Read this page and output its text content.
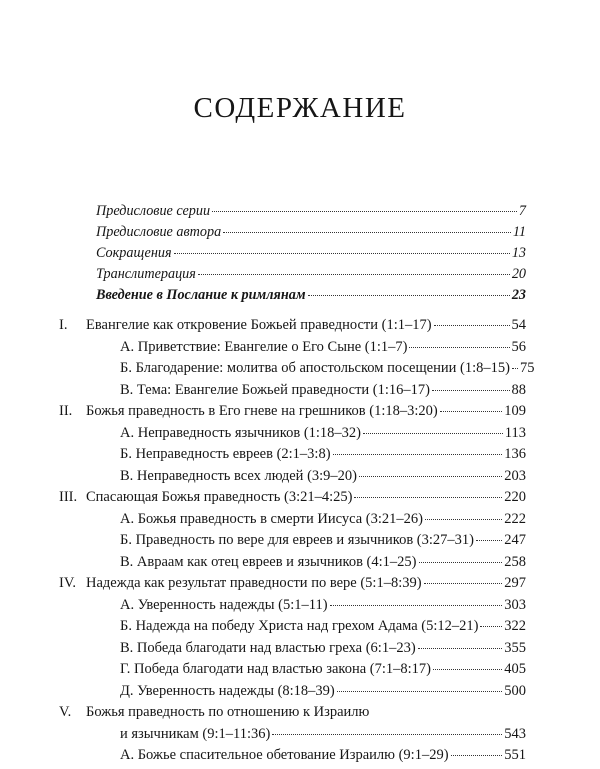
СОДЕРЖАНИЕ
Предисловие серии	7
Предисловие автора	11
Сокращения	13
Транслитерация	20
Введение в Послание к римлянам	23
I.	Евангелие как откровение Божьей праведности (1:1–17)	54
А. Приветствие: Евангелие о Его Сыне (1:1–7)	56
Б. Благодарение: молитва об апостольском посещении (1:8–15) 75
В. Тема: Евангелие Божьей праведности (1:16–17)	88
II. Божья праведность в Его гневе на грешников (1:18–3:20)	109
А. Неправедность язычников (1:18–32)	113
Б. Неправедность евреев (2:1–3:8)	136
В. Неправедность всех людей (3:9–20)	203
III. Спасающая Божья праведность (3:21–4:25)	220
А. Божья праведность в смерти Иисуса (3:21–26)	222
Б. Праведность по вере для евреев и язычников (3:27–31) 247
В. Авраам как отец евреев и язычников (4:1–25)	258
IV. Надежда как результат праведности по вере (5:1–8:39)	297
А. Уверенность надежды (5:1–11)	303
Б. Надежда на победу Христа над грехом Адама (5:12–21) 322
В. Победа благодати над властью греха (6:1–23)	355
Г. Победа благодати над властью закона (7:1–8:17)	405
Д. Уверенность надежды (8:18–39)	500
V.	Божья праведность по отношению к Израилю
и язычникам (9:1–11:36)	543
А. Божье спасительное обетование Израилю (9:1–29)	551
